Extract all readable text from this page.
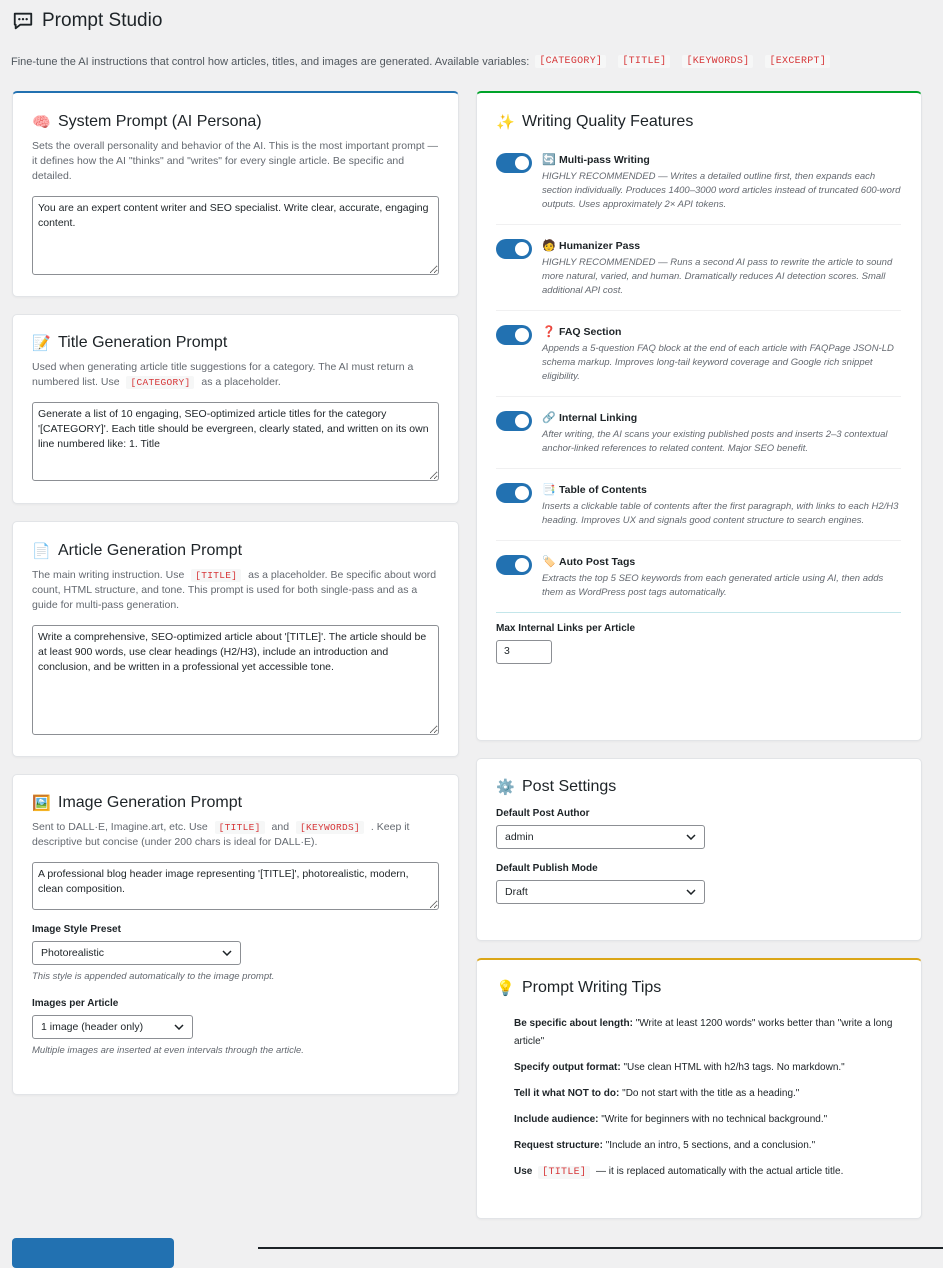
Prompt Studio
Fine-tune the AI instructions that control how articles, titles, and images are generated. Available variables:	[CATEGORY]	[TITLE]	[KEYWORDS]	[EXCERPT]
🧠 System Prompt (AI Persona)
Sets the overall personality and behavior of the AI. This is the most important prompt — it defines how the AI "thinks" and "writes" for every single article. Be specific and detailed.
You are an expert content writer and SEO specialist. Write clear, accurate, engaging content.
📝 Title Generation Prompt
Used when generating article title suggestions for a category. The AI must return a numbered list. Use [CATEGORY] as a placeholder.
Generate a list of 10 engaging, SEO-optimized article titles for the category '[CATEGORY]'. Each title should be evergreen, clearly stated, and written on its own line numbered like: 1. Title
📄 Article Generation Prompt
The main writing instruction. Use [TITLE] as a placeholder. Be specific about word count, HTML structure, and tone. This prompt is used for both single-pass and as a guide for multi-pass generation.
Write a comprehensive, SEO-optimized article about '[TITLE]'. The article should be at least 900 words, use clear headings (H2/H3), include an introduction and conclusion, and be written in a professional yet accessible tone.
🖼️ Image Generation Prompt
Sent to DALL·E, Imagine.art, etc. Use [TITLE] and [KEYWORDS] . Keep it descriptive but concise (under 200 chars is ideal for DALL·E).
A professional blog header image representing '[TITLE]', photorealistic, modern, clean composition.
Image Style Preset
Photorealistic
This style is appended automatically to the image prompt.
Images per Article
1 image (header only)
Multiple images are inserted at even intervals through the article.
✨ Writing Quality Features
🔄 Multi-pass Writing
HIGHLY RECOMMENDED — Writes a detailed outline first, then expands each section individually. Produces 1400–3000 word articles instead of truncated 600-word outputs. Uses approximately 2× API tokens.
🧑 Humanizer Pass
HIGHLY RECOMMENDED — Runs a second AI pass to rewrite the article to sound more natural, varied, and human. Dramatically reduces AI detection scores. Small additional API cost.
❓ FAQ Section
Appends a 5-question FAQ block at the end of each article with FAQPage JSON-LD schema markup. Improves long-tail keyword coverage and Google rich snippet eligibility.
🔗 Internal Linking
After writing, the AI scans your existing published posts and inserts 2–3 contextual anchor-linked references to related content. Major SEO benefit.
📑 Table of Contents
Inserts a clickable table of contents after the first paragraph, with links to each H2/H3 heading. Improves UX and signals good content structure to search engines.
🏷️ Auto Post Tags
Extracts the top 5 SEO keywords from each generated article using AI, then adds them as WordPress post tags automatically.
Max Internal Links per Article
3
⚙️ Post Settings
Default Post Author
admin
Default Publish Mode
Draft
💡 Prompt Writing Tips
Be specific about length: "Write at least 1200 words" works better than "write a long article"
Specify output format: "Use clean HTML with h2/h3 tags. No markdown."
Tell it what NOT to do: "Do not start with the title as a heading."
Include audience: "Write for beginners with no technical background."
Request structure: "Include an intro, 5 sections, and a conclusion."
Use [TITLE] — it is replaced automatically with the actual article title.
